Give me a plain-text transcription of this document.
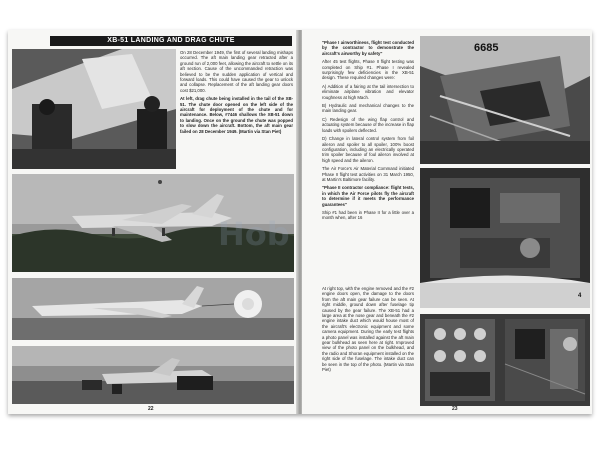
XB-51 LANDING AND DRAG CHUTE

On 28 December 1949, the first of several landing mishaps occurred. The aft main landing gear retracted after a ground run of 2,000 feet, allowing the aircraft to settle on its aft section. Cause of the uncommanded retraction was believed to be the sudden application of vertical and forward loads. This could have caused the gear to unlock and collapse. Replacement of the aft landing gear doors cost $21,000.

At left, drag chute being installed in the tail of the XB-51. The chute door opened on the left side of the aircraft for deployment of the chute and for maintenance. Below, #7446 shallows the XB-51 down to landing. Once on the ground the chute was popped to slow down the aircraft. Bottom, the aft main gear failed on 28 December 1949. (Martin via Stan Piet)

22

"Phase I airworthiness, flight test conducted by the contractor to demonstrate the aircraft's airworthy by safety"

After 45 test flights, Phase II flight testing was completed on Ship #1. Phase I revealed surprisingly few deficiencies in the XB-51 design. These required changes were:

A) Addition of a fairing at the tail intersection to eliminate airplane vibration and elevator roughness at high Mach.

B) Hydraulic and mechanical changes to the main landing gear.

C) Redesign of the wing flap control and actuating system because of the increase in flap loads with spoilers deflected.

D) Change in lateral control system from foil aileron and spoiler to all spoiler, 100% boost configuration, including an electrically operated trim spoiler because of foul aileron involved at high speed and the aileron.

The Air Force's Air Material Command initiated Phase II flight test activities on 31 March 1950, at Martin's Baltimore facility.

"Phase II contractor compliance: flight tests, in which the Air Force pilots fly the aircraft to determine if it meets the performance guarantees"

Ship #1 had been in Phase II for a little over a month when, after 16

At right top, with the engine removed and the #2 engine doors open, the damage to the doors from the aft main gear failure can be seen. At right middle, ground down after fuselage tip caused by the gear failure. The XB-51 had a large area at the nose gear and beneath the #2 engine intake duct which would house most of the aircraft's electronic equipment and some camera equipment. During the early test flights a photo panel was installed against the aft main gear bulkhead as seen here at right. Improved view of the photo panel on the bulkhead, and the radio and Shoran equipment installed on the right side of the fuselage. The intake duct can be seen in the top of the photo. (Martin via Stan Piet)

6685
4
23
Hob
